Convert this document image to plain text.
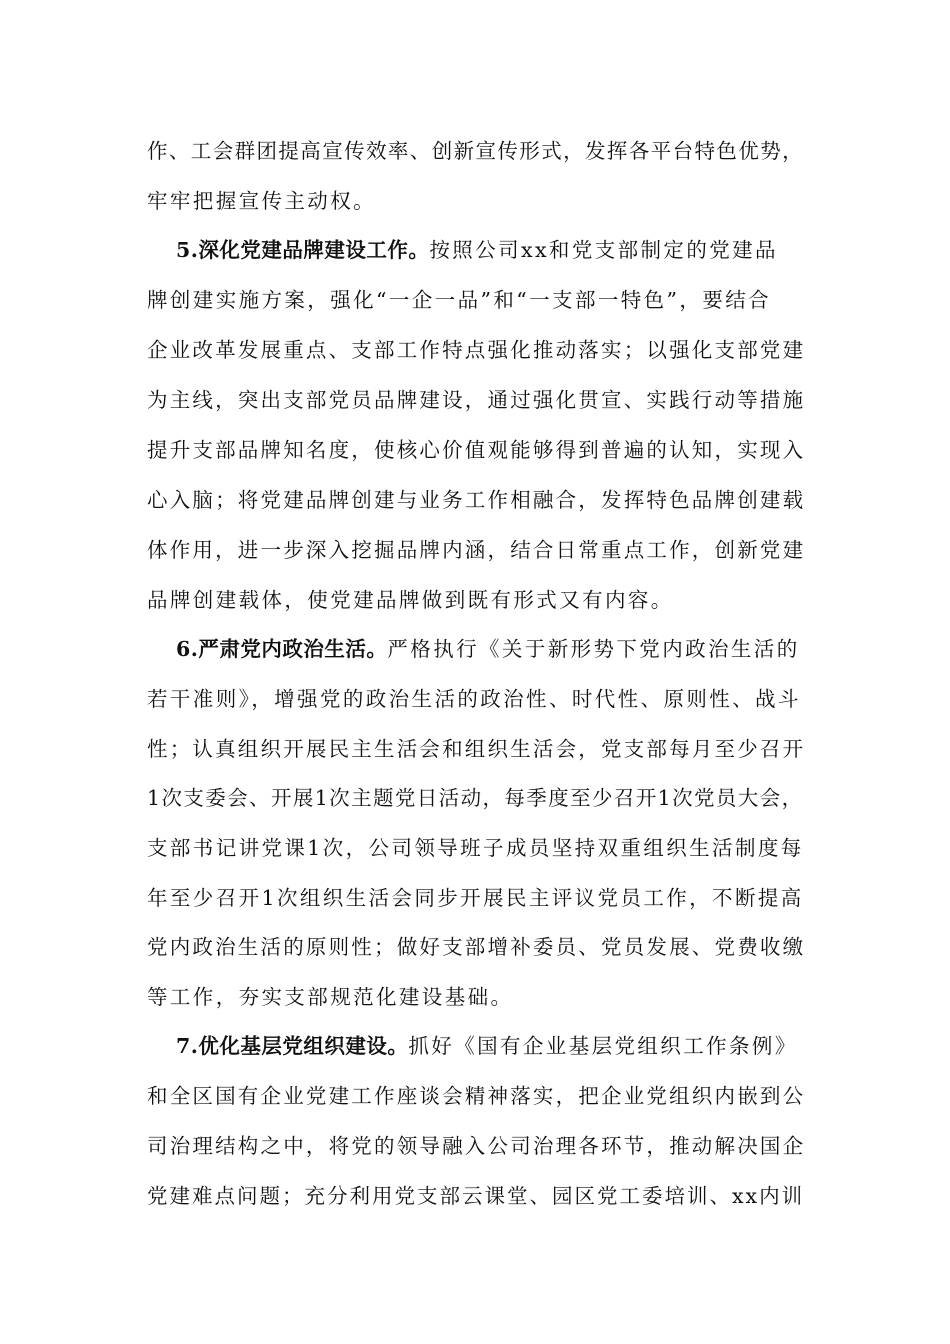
作、工会群团提高宣传效率、创新宣传形式，发挥各平台特色优势，
牢牢把握宣传主动权。
5.深化党建品牌建设工作。按照公司xx和党支部制定的党建品
牌创建实施方案，强化“一企一品”和“一支部一特色”，要结合
企业改革发展重点、支部工作特点强化推动落实；以强化支部党建
为主线，突出支部党员品牌建设，通过强化贯宣、实践行动等措施
提升支部品牌知名度，使核心价值观能够得到普遍的认知，实现入
心入脑；将党建品牌创建与业务工作相融合，发挥特色品牌创建载
体作用，进一步深入挖掘品牌内涵，结合日常重点工作，创新党建
品牌创建载体，使党建品牌做到既有形式又有内容。
6.严肃党内政治生活。严格执行《关于新形势下党内政治生活的
若干准则》，增强党的政治生活的政治性、时代性、原则性、战斗
性；认真组织开展民主生活会和组织生活会，党支部每月至少召开
1次支委会、开展1次主题党日活动，每季度至少召开1次党员大会，
支部书记讲党课1次，公司领导班子成员坚持双重组织生活制度每
年至少召开1次组织生活会同步开展民主评议党员工作，不断提高
党内政治生活的原则性；做好支部增补委员、党员发展、党费收缴
等工作，夯实支部规范化建设基础。
7.优化基层党组织建设。抓好《国有企业基层党组织工作条例》
和全区国有企业党建工作座谈会精神落实，把企业党组织内嵌到公
司治理结构之中，将党的领导融入公司治理各环节，推动解决国企
党建难点问题；充分利用党支部云课堂、园区党工委培训、xx内训
